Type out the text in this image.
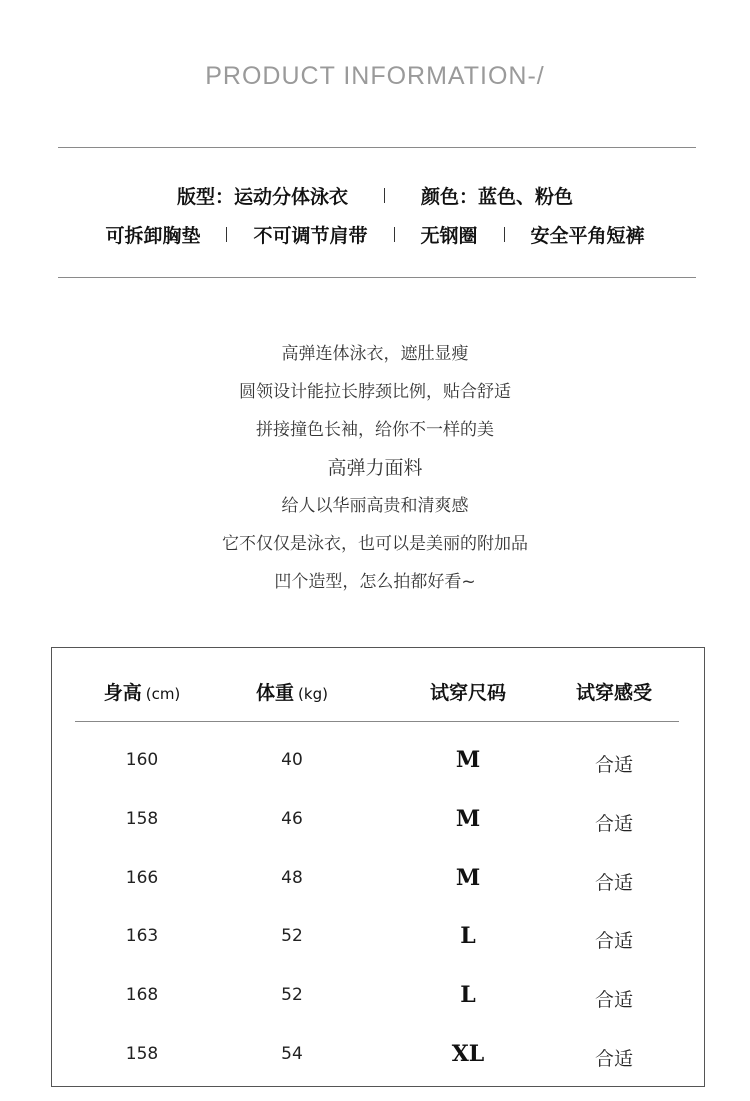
PRODUCT INFORMATION-/
版型：运动分体泳衣	颜色：蓝色、粉色
可拆卸胸垫	不可调节肩带	无钢圈	安全平角短裤
高弹连体泳衣，遮肚显瘦
圆领设计能拉长脖颈比例，贴合舒适
拼接撞色长袖，给你不一样的美
高弹力面料
给人以华丽高贵和清爽感
它不仅仅是泳衣，也可以是美丽的附加品
凹个造型，怎么拍都好看~
身高 (cm)	体重 (kg)	试穿尺码	试穿感受
160	40	M	合适
158	46	M	合适
166	48	M	合适
163	52	L	合适
168	52	L	合适
158	54	XL	合适
